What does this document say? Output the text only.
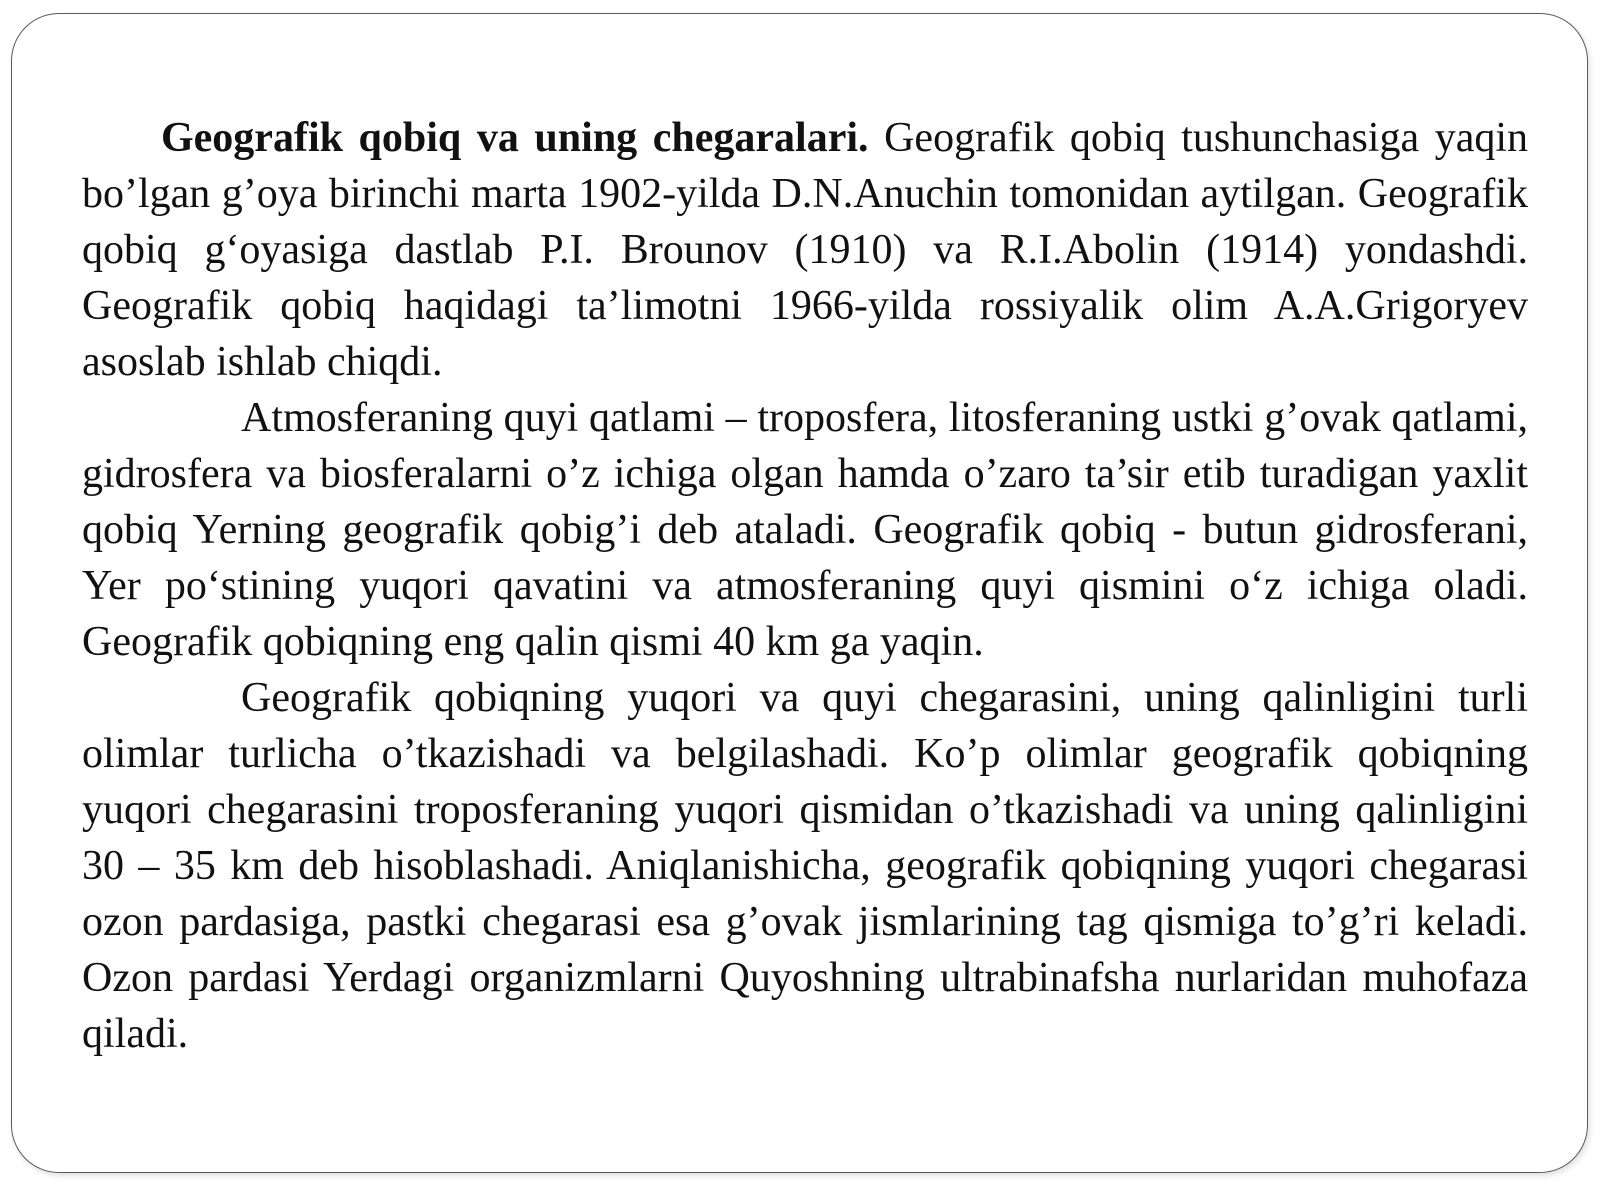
Geografik qobiq va uning chegaralari. Geografik qobiq tushunchasiga yaqin bo’lgan g’oya birinchi marta 1902-yilda D.N.Anuchin tomonidan aytilgan. Geografik qobiq g‘oyasiga dastlab P.I. Brounov (1910) va R.I.Abolin (1914) yondashdi. Geografik qobiq haqidagi ta’limotni 1966-yilda rossiyalik olim A.A.Grigoryev asoslab ishlab chiqdi.

Atmosferaning quyi qatlami – troposfera, litosferaning ustki g’ovak qatlami, gidrosfera va biosferalarni o’z ichiga olgan hamda o’zaro ta’sir etib turadigan yaxlit qobiq Yerning geografik qobig’i deb ataladi. Geografik qobiq - butun gidrosferani, Yer po‘stining yuqori qavatini va atmosferaning quyi qismini o‘z ichiga oladi. Geografik qobiqning eng qalin qismi 40 km ga yaqin.

Geografik qobiqning yuqori va quyi chegarasini, uning qalinligini turli olimlar turlicha o’tkazishadi va belgilashadi. Ko’p olimlar geografik qobiqning yuqori chegarasini troposferaning yuqori qismidan o’tkazishadi va uning qalinligini 30 – 35 km deb hisoblashadi. Aniqlanishicha, geografik qobiqning yuqori chegarasi ozon pardasiga, pastki chegarasi esa g’ovak jismlarining tag qismiga to’g’ri keladi. Ozon pardasi Yerdagi organizmlarni Quyoshning ultrabinafsha nurlaridan muhofaza qiladi.
